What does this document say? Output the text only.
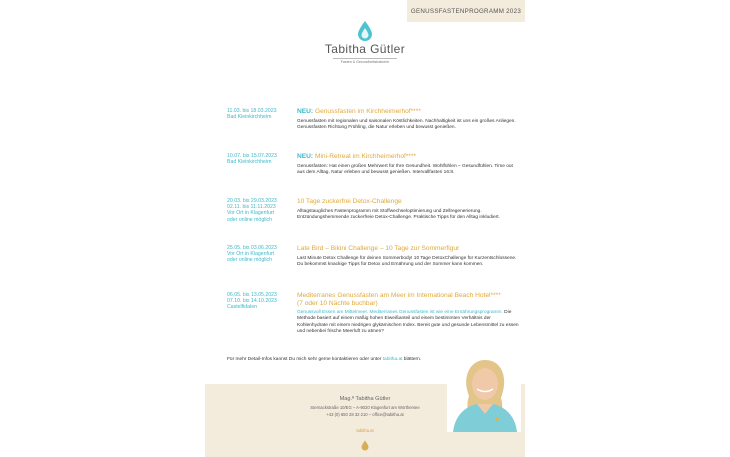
GENUSSFASTENPROGRAMM 2023
Tabitha Gütler
Fasten & Gesundheitstrainerin
11.03. bis 18.03.2023
Bad Kleinkirchheim
NEU: Genussfasten im Kirchheimerhof****
Genussfasten mit regionalen und saisonalen Köstlichkeiten. Nachhaltigkeit ist uns ein großes Anliegen. Genussfasten Richtung Frühling, die Natur erleben und bewusst genießen.
10.07. bis 15.07.2023
Bad Kleinkirchheim
NEU: Mini-Retreat im Kirchheimerhof****
Genussfasten: Hat einen großen Mehrwert für Ihre Gesundheit. Wohlfühlen – Gesundfühlen. Time out aus dem Alltag, Natur erleben und bewusst genießen. Intervallfasten 16:8.
20.03. bis 29.03.2023
02.11. bis 11.11.2023
Vor Ort in Klagenfurt
oder online möglich
10 Tage zuckerfrei Detox-Challenge
Alltagstaugliches Fastenprogramm mit Stoffwechseloptimierung und Zellregenerierung. Entzündungshemmende zuckerfreie Detox-Challenge. Praktische Tipps für den Alltag inkludiert.
25.05. bis 03.06.2023
Vor Ort in Klagenfurt
oder online möglich
Late Bird – Bikini Challenge – 10 Tage zur Sommerfigur
Last Minute Detox Challenge für deinen Sommerbody! 10 Tage DetoxChallenge für Kurzentschlossene. Du bekommst knackige Tipps für Detox und Ernährung und der Sommer kann kommen.
06.05. bis 13.05.2023
07.10. bis 14.10.2023
Castelfidalen
Mediterranes Genussfasten am Meer im International Beach Hotel****
(7 oder 10 Nächte buchbar)
Genussvoll Essen am Mittelmeer. Mediterranes Genussfasten ist wie eine Ernährungsprogramm. Die Methode basiert auf einem mäßig hohen Eiweißanteil und einem bestimmten Verhältnis der Kohlenhydrate mit einem niedrigen glykämischen Index. Bereit gute und gesunde Lebensmittel zu essen und nebenbei frische Meerluft zu atmen?
Für mehr Detail-Infos kannst Du mich sehr gerne kontaktieren oder unter tabitha.at blättern.
Mag.ª Tabitha Gütler
Sternackstraße 10/EG – A-9020 Klagenfurt am Wörthersee
+43 (0) 650 28 32 210 – office@tabitha.at
tabitha.at
